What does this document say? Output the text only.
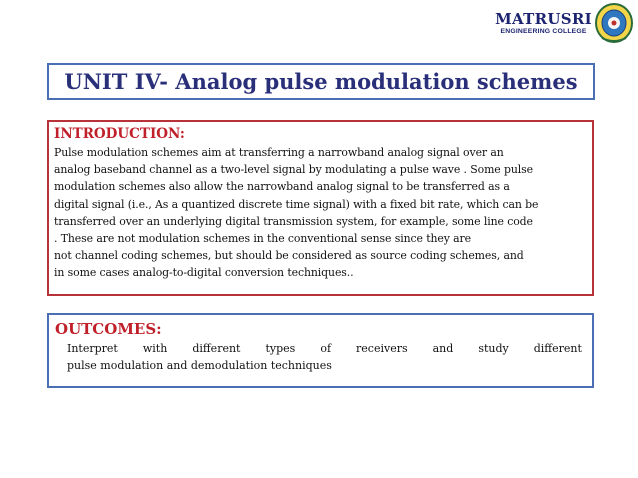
MATRUSRI
ENGINEERING COLLEGE
UNIT IV- Analog pulse modulation schemes

INTRODUCTION:

Pulse modulation schemes aim at transferring a narrowband analog signal over an
analog baseband channel as a two-level signal by modulating a pulse wave . Some pulse
modulation schemes also allow the narrowband analog signal to be transferred as a
digital signal (i.e., As a quantized discrete time signal) with a fixed bit rate, which can be
transferred over an underlying digital transmission system, for example, some line code
. These are not modulation schemes in the conventional sense since they are
not channel coding schemes, but should be considered as source coding schemes, and
in some cases analog-to-digital conversion techniques..

OUTCOMES:

Interpret with different types of receivers and study different
pulse modulation and demodulation techniques
